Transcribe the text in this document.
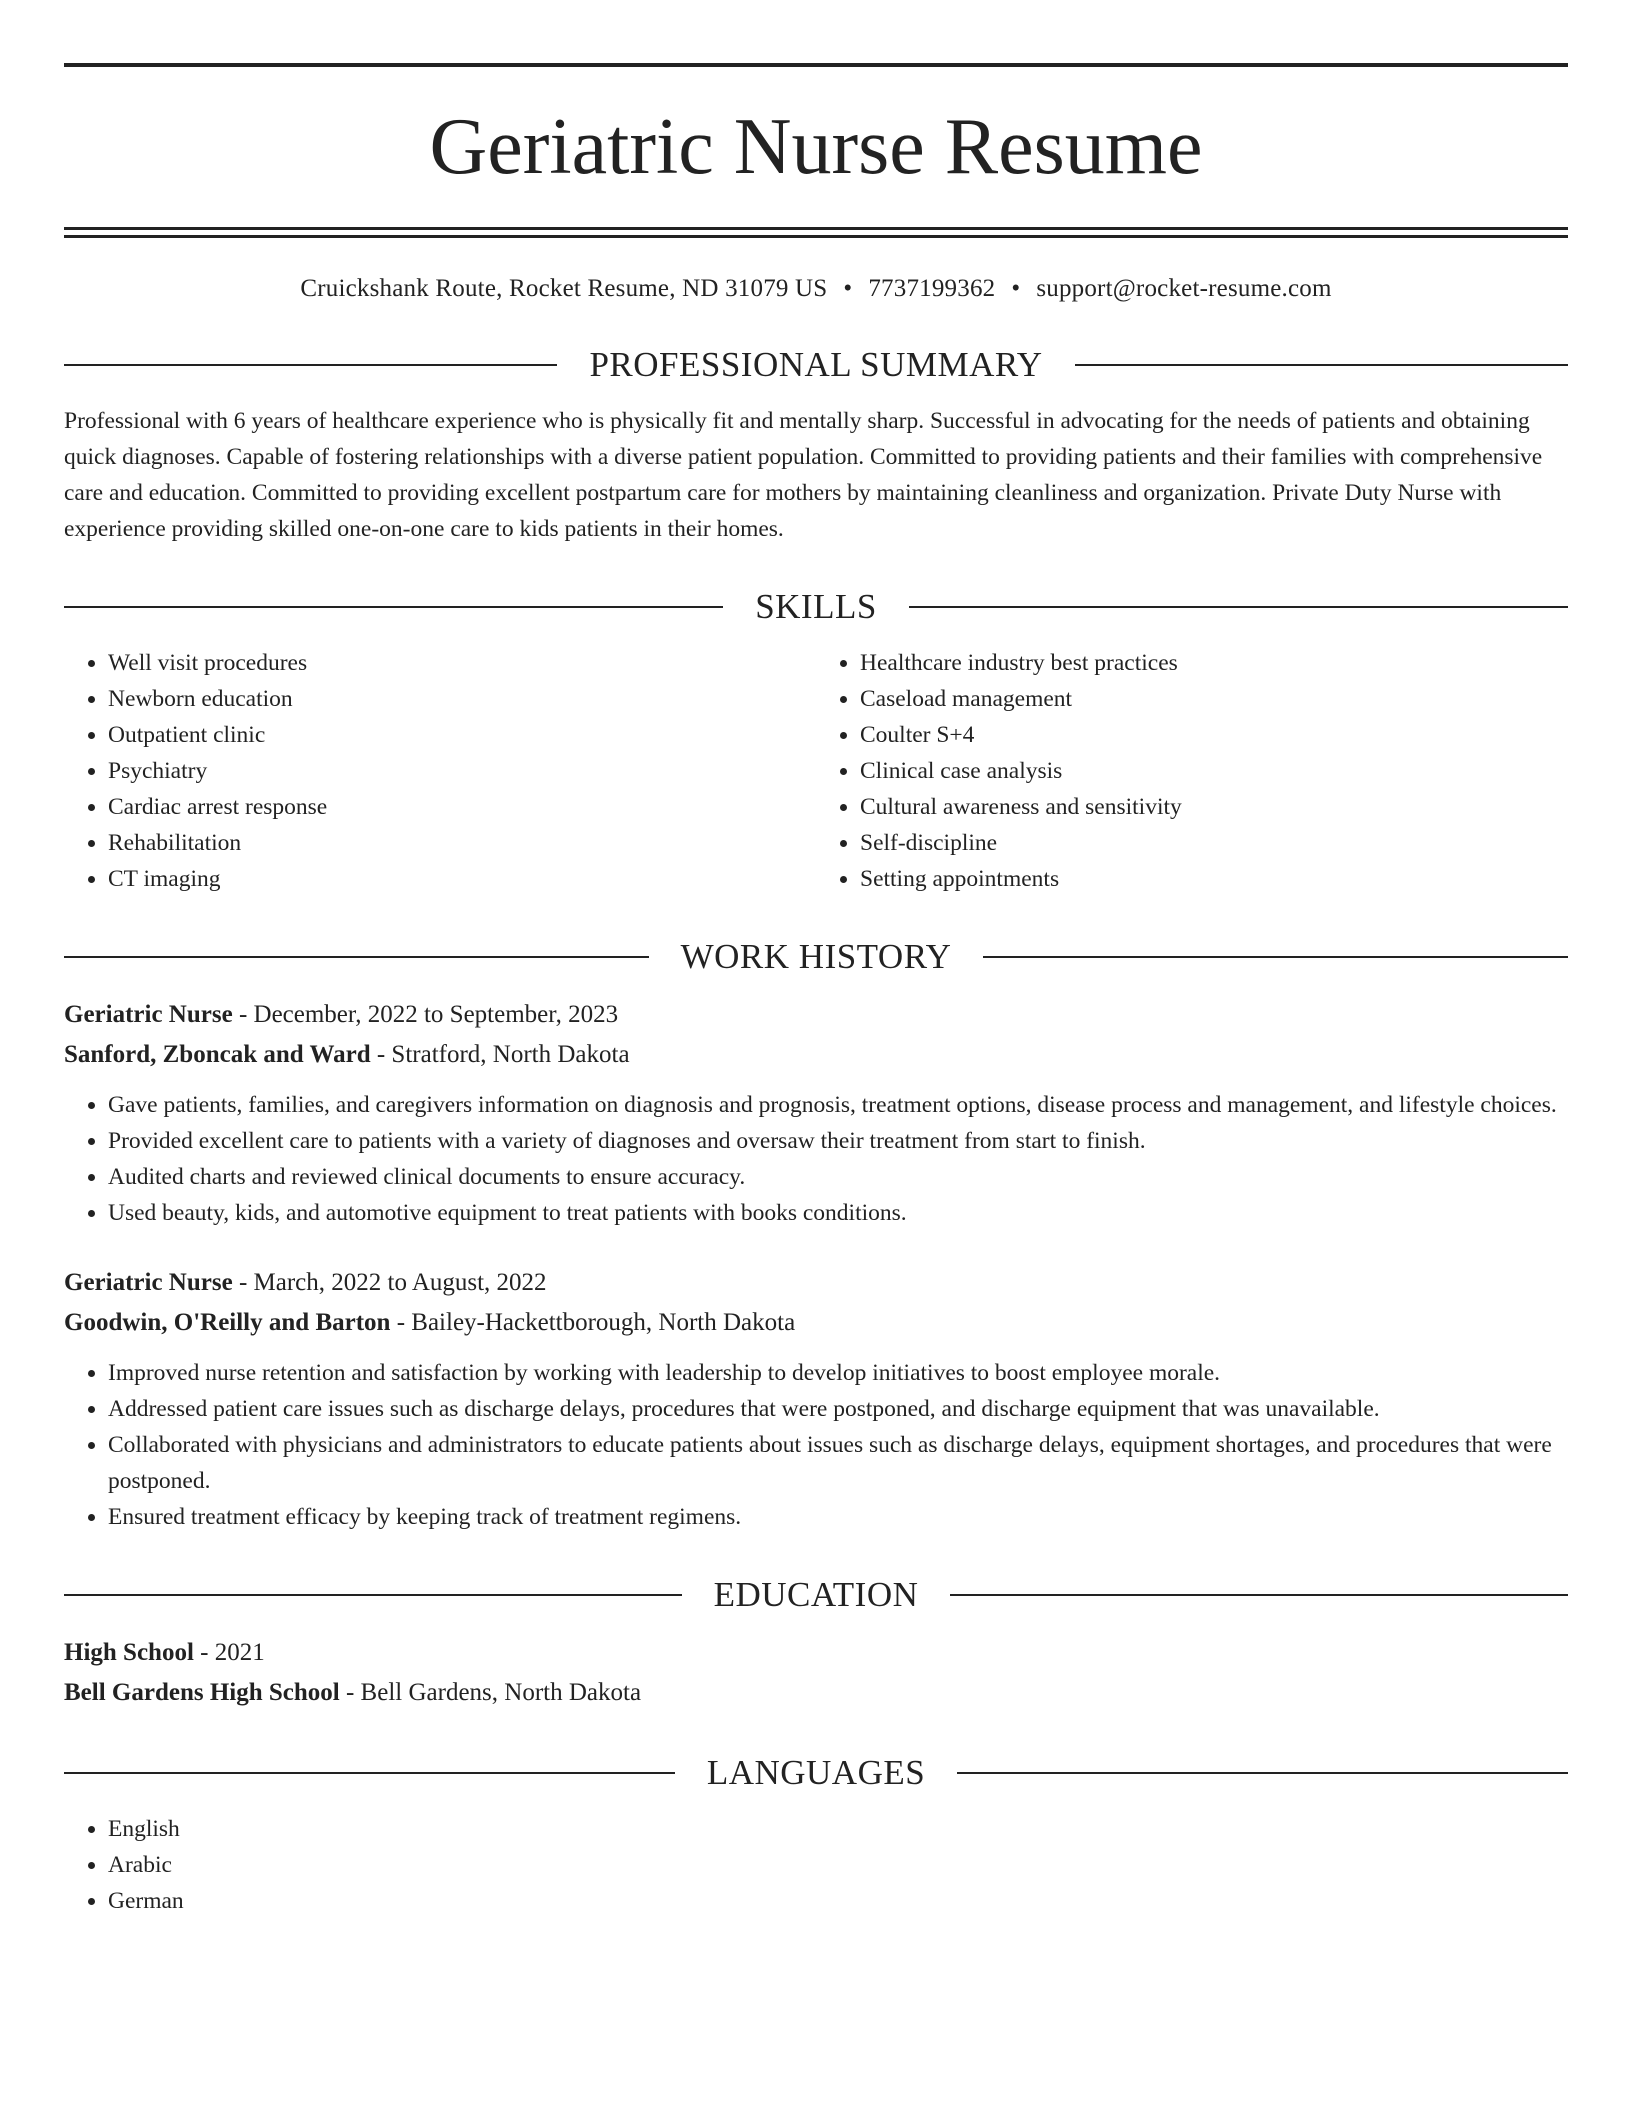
Geriatric Nurse Resume
Cruickshank Route, Rocket Resume, ND 31079 US • 7737199362 • support@rocket-resume.com
PROFESSIONAL SUMMARY

Professional with 6 years of healthcare experience who is physically fit and mentally sharp. Successful in advocating for the needs of patients and obtaining quick diagnoses. Capable of fostering relationships with a diverse patient population. Committed to providing patients and their families with comprehensive care and education. Committed to providing excellent postpartum care for mothers by maintaining cleanliness and organization. Private Duty Nurse with experience providing skilled one-on-one care to kids patients in their homes.

SKILLS
• Well visit procedures
• Newborn education
• Outpatient clinic
• Psychiatry
• Cardiac arrest response
• Rehabilitation
• CT imaging
• Healthcare industry best practices
• Caseload management
• Coulter S+4
• Clinical case analysis
• Cultural awareness and sensitivity
• Self-discipline
• Setting appointments
WORK HISTORY
Geriatric Nurse - December, 2022 to September, 2023
Sanford, Zboncak and Ward - Stratford, North Dakota
• Gave patients, families, and caregivers information on diagnosis and prognosis, treatment options, disease process and management, and lifestyle choices.
• Provided excellent care to patients with a variety of diagnoses and oversaw their treatment from start to finish.
• Audited charts and reviewed clinical documents to ensure accuracy.
• Used beauty, kids, and automotive equipment to treat patients with books conditions.
Geriatric Nurse - March, 2022 to August, 2022
Goodwin, O'Reilly and Barton - Bailey-Hackettborough, North Dakota
• Improved nurse retention and satisfaction by working with leadership to develop initiatives to boost employee morale.
• Addressed patient care issues such as discharge delays, procedures that were postponed, and discharge equipment that was unavailable.
• Collaborated with physicians and administrators to educate patients about issues such as discharge delays, equipment shortages, and procedures that were postponed.
• Ensured treatment efficacy by keeping track of treatment regimens.
EDUCATION
High School - 2021
Bell Gardens High School - Bell Gardens, North Dakota
LANGUAGES
• English
• Arabic
• German
